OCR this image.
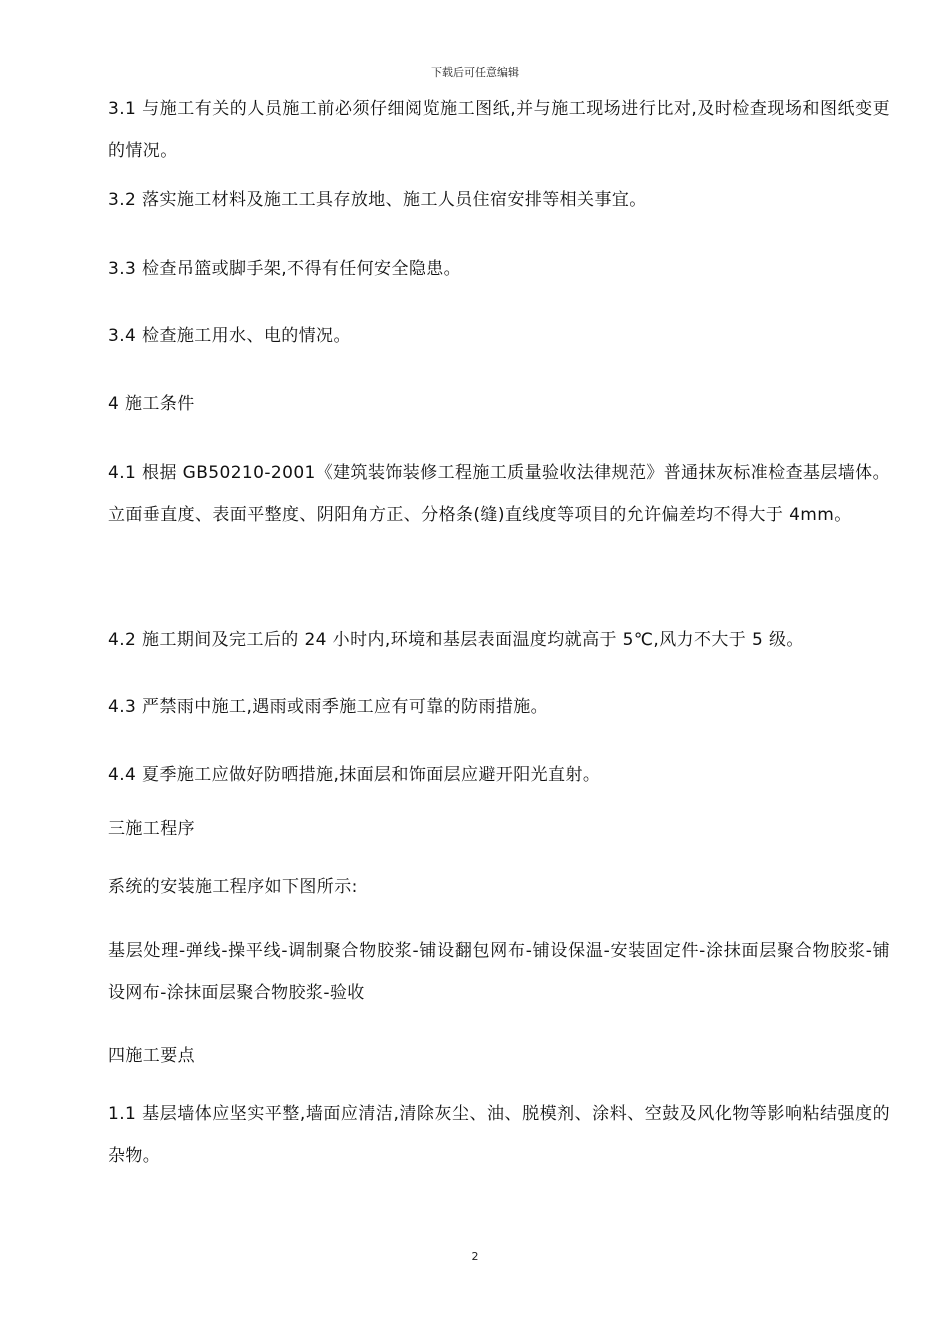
下载后可任意编辑

3.1 与施工有关的人员施工前必须仔细阅览施工图纸,并与施工现场进行比对,及时检查现场和图纸变更的情况。

3.2 落实施工材料及施工工具存放地、施工人员住宿安排等相关事宜。

3.3 检查吊篮或脚手架,不得有任何安全隐患。

3.4 检查施工用水、电的情况。

4 施工条件

4.1 根据 GB50210-2001《建筑装饰装修工程施工质量验收法律规范》普通抹灰标准检查基层墙体。立面垂直度、表面平整度、阴阳角方正、分格条(缝)直线度等项目的允许偏差均不得大于 4mm。

4.2 施工期间及完工后的 24 小时内,环境和基层表面温度均就高于 5℃,风力不大于 5 级。

4.3 严禁雨中施工,遇雨或雨季施工应有可靠的防雨措施。

4.4 夏季施工应做好防晒措施,抹面层和饰面层应避开阳光直射。

三施工程序

系统的安装施工程序如下图所示:

基层处理-弹线-操平线-调制聚合物胶浆-铺设翻包网布-铺设保温-安装固定件-涂抹面层聚合物胶浆-铺设网布-涂抹面层聚合物胶浆-验收

四施工要点

1.1 基层墙体应坚实平整,墙面应清洁,清除灰尘、油、脱模剂、涂料、空鼓及风化物等影响粘结强度的杂物。

2
